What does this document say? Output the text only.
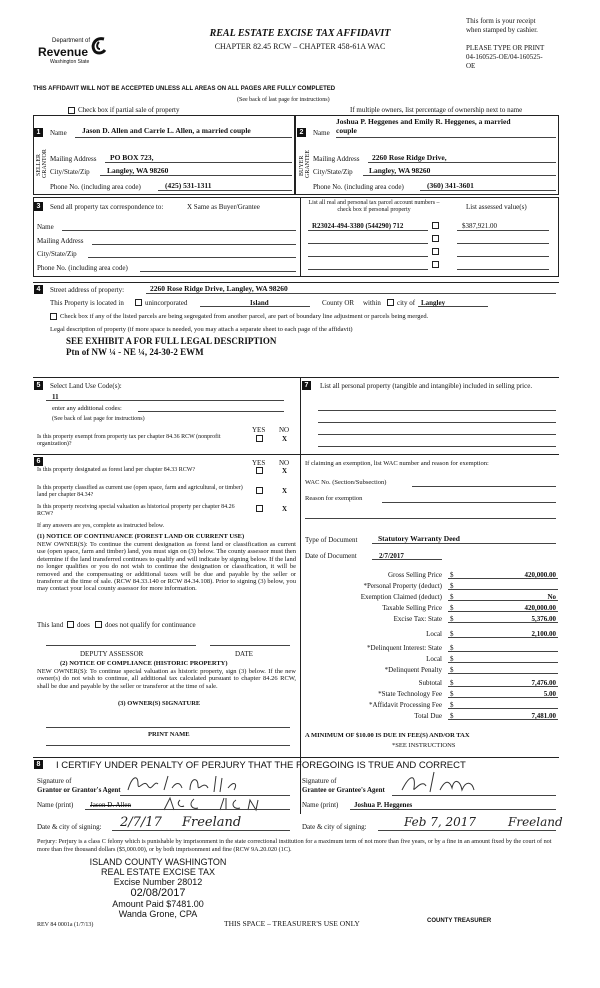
Department of
Revenue
Washington State
REAL ESTATE EXCISE TAX AFFIDAVIT
CHAPTER 82.45 RCW – CHAPTER 458-61A WAC
This form is your receipt
when stamped by cashier.
PLEASE TYPE OR PRINT
04-160525-OE/04-160525-
OE
THIS AFFIDAVIT WILL NOT BE ACCEPTED UNLESS ALL AREAS ON ALL PAGES ARE FULLY COMPLETED
(See back of last page for instructions)
Check box if partial sale of property	If multiple owners, list percentage of ownership next to name
1	Name Jason D. Allen and Carrie L. Allen, a married couple
SELLER GRANTOR Mailing Address PO BOX 723,
City/State/Zip Langley, WA 98260
Phone No. (including area code)	(425) 531-1311
Joshua P. Heggenes and Emily R. Heggenes, a married
2	Name couple
BUYER GRANTEE Mailing Address 2260 Rose Ridge Drive,
City/State/Zip Langley, WA 98260
Phone No. (including area code)	(360) 341-3601
3	Send all property tax correspondence to:	X Same as Buyer/Grantee
Name
Mailing Address
City/State/Zip
Phone No. (including area code)
List all real and personal tax parcel account numbers – check box if personal property	List assessed value(s)
R23024-494-3380 (544290) 712	$387,921.00
4	Street address of property:	2260 Rose Ridge Drive, Langley, WA 98260
This Property is located in	unincorporated	Island	County OR within city of Langley
Check box if any of the listed parcels are being segregated from another parcel, are part of boundary line adjustment or parcels being merged.
Legal description of property (if more space is needed, you may attach a separate sheet to each page of the affidavit)
SEE EXHIBIT A FOR FULL LEGAL DESCRIPTION
Ptn of NW ¼ - NE ¼, 24-30-2 EWM
5	Select Land Use Code(s):
11
enter any additional codes:
(See back of last page for instructions)
YES NO
Is this property exempt from property tax per chapter 84.36 RCW (nonprofit organization)?
X
6	YES NO
Is this property designated as forest land per chapter 84.33 RCW?	X
Is this property classified as current use (open space, farm and agricultural, or timber) land per chapter 84.34?	X
Is this property receiving special valuation as historical property per chapter 84.26 RCW?
X
If any answers are yes, complete as instructed below.
(1) NOTICE OF CONTINUANCE (FOREST LAND OR CURRENT USE)
NEW OWNER(S): To continue the current designation as forest land or classification as current use (open space, farm and timber) land, you must sign on (3) below. The county assessor must then determine if the land transferred continues to qualify and will indicate by signing below. If the land no longer qualifies or you do not wish to continue the designation or classification, it will be removed and the compensating or additional taxes will be due and payable by the seller or transferor at the time of sale. (RCW 84.33.140 or RCW 84.34.108). Prior to signing (3) below, you may contact your local county assessor for more information.
This land does does not qualify for continuance
DEPUTY ASSESSOR	DATE
(2) NOTICE OF COMPLIANCE (HISTORIC PROPERTY)
NEW OWNER(S): To continue special valuation as historic property, sign (3) below. If the new owner(s) do not wish to continue, all additional tax calculated pursuant to chapter 84.26 RCW, shall be due and payable by the seller or transferor at the time of sale.
(3) OWNER(S) SIGNATURE
PRINT NAME
7	List all personal property (tangible and intangible) included in selling price.
If claiming an exemption, list WAC number and reason for exemption:
WAC No. (Section/Subsection)
Reason for exemption
Type of Document	Statutory Warranty Deed
Date of Document	2/7/2017
Gross Selling Price $	420,000.00
*Personal Property (deduct) $
Exemption Claimed (deduct) $	No
Taxable Selling Price $	420,000.00
Excise Tax: State $	5,376.00
Local $	2,100.00
*Delinquent Interest: State $
Local $
*Delinquent Penalty $
Subtotal $	7,476.00
*State Technology Fee $	5.00
*Affidavit Processing Fee $
Total Due $	7,481.00
A MINIMUM OF $10.00 IS DUE IN FEE(S) AND/OR TAX
*SEE INSTRUCTIONS
8 I CERTIFY UNDER PENALTY OF PERJURY THAT THE FOREGOING IS TRUE AND CORRECT
Signature of
Grantor or Grantor's Agent
Name (print) Jason D. Allen
Date & city of signing: 2/7/17 Freeland
Signature of
Grantee or Grantee's Agent
Name (print) Joshua P. Heggenes
Date & city of signing:	Feb 7, 2017	Freeland
Perjury: Perjury is a class C felony which is punishable by imprisonment in the state correctional institution for a maximum term of not more than five years, or by a fine in an amount fixed by the court of not more than five thousand dollars ($5,000.00), or by both imprisonment and fine (RCW 9A.20.020 (1C).
ISLAND COUNTY WASHINGTON
REAL ESTATE EXCISE TAX
Excise Number 28012
02/08/2017
Amount Paid $7481.00
Wanda Grone, CPA
REV 84 0001a (1/7/13)	THIS SPACE – TREASURER'S USE ONLY	COUNTY TREASURER
